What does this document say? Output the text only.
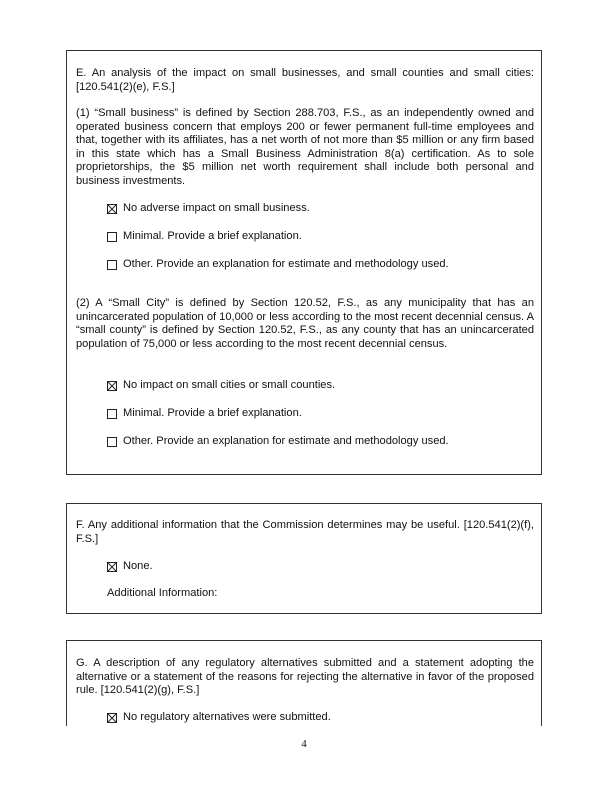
E. An analysis of the impact on small businesses, and small counties and small cities: [120.541(2)(e), F.S.]

(1) “Small business” is defined by Section 288.703, F.S., as an independently owned and operated business concern that employs 200 or fewer permanent full-time employees and that, together with its affiliates, has a net worth of not more than $5 million or any firm based in this state which has a Small Business Administration 8(a) certification. As to sole proprietorships, the $5 million net worth requirement shall include both personal and business investments.

No adverse impact on small business.
Minimal. Provide a brief explanation.
Other. Provide an explanation for estimate and methodology used.

(2) A “Small City” is defined by Section 120.52, F.S., as any municipality that has an unincarcerated population of 10,000 or less according to the most recent decennial census. A “small county” is defined by Section 120.52, F.S., as any county that has an unincarcerated population of 75,000 or less according to the most recent decennial census.

No impact on small cities or small counties.
Minimal. Provide a brief explanation.
Other. Provide an explanation for estimate and methodology used.

F. Any additional information that the Commission determines may be useful. [120.541(2)(f), F.S.]

None.
Additional Information:

G. A description of any regulatory alternatives submitted and a statement adopting the alternative or a statement of the reasons for rejecting the alternative in favor of the proposed rule. [120.541(2)(g), F.S.]

No regulatory alternatives were submitted.
4
